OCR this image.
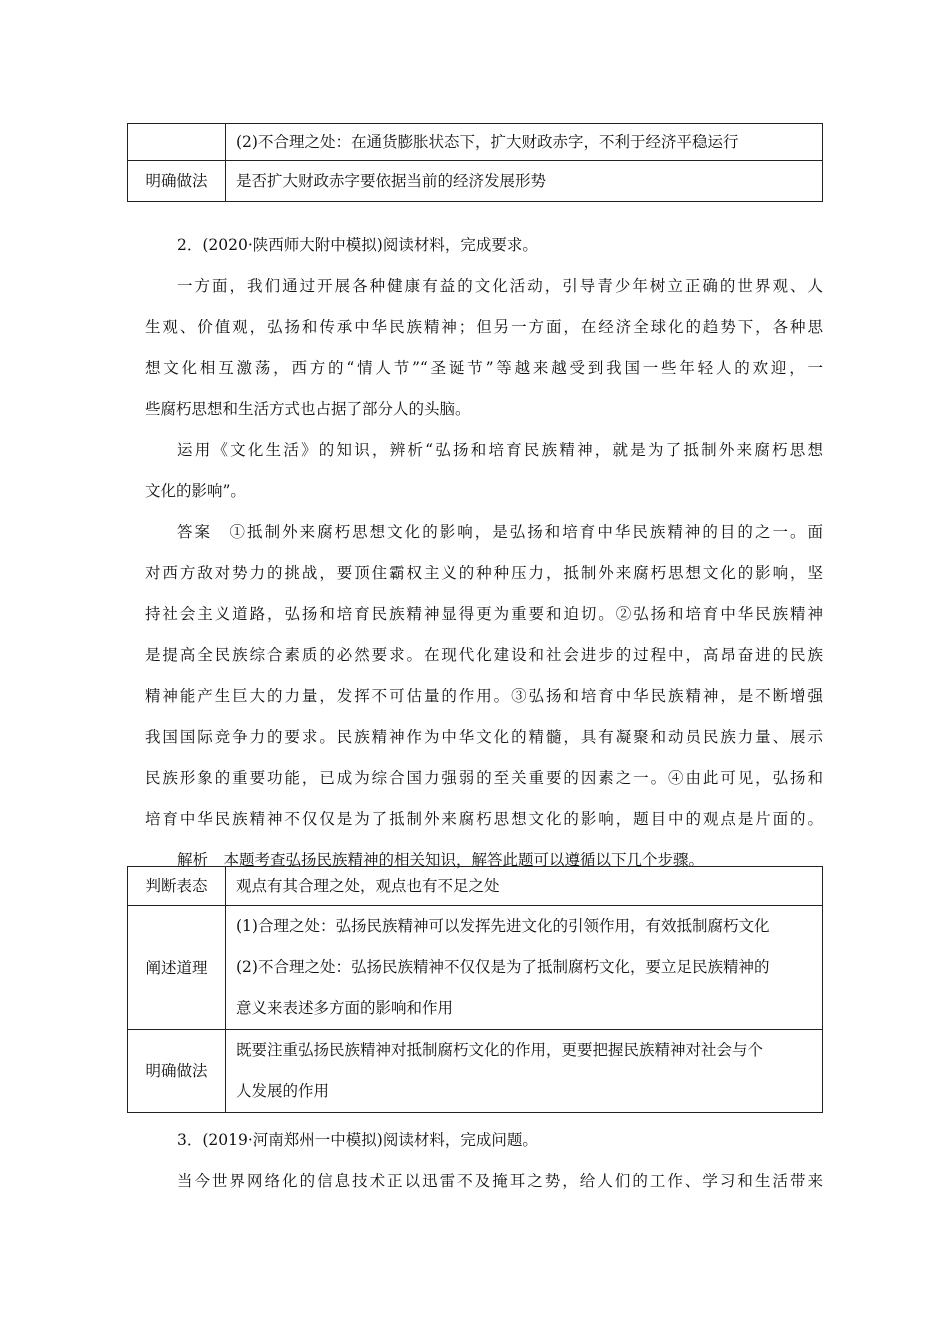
	(2)不合理之处：在通货膨胀状态下，扩大财政赤字，不利于经济平稳运行
明确做法	是否扩大财政赤字要依据当前的经济发展形势
2．(2020·陕西师大附中模拟)阅读材料，完成要求。
一方面，我们通过开展各种健康有益的文化活动，引导青少年树立正确的世界观、人
生观、价值观，弘扬和传承中华民族精神；但另一方面，在经济全球化的趋势下，各种思
想文化相互激荡，西方的“情人节”“圣诞节”等越来越受到我国一些年轻人的欢迎，一
些腐朽思想和生活方式也占据了部分人的头脑。
运用《文化生活》的知识，辨析“弘扬和培育民族精神，就是为了抵制外来腐朽思想
文化的影响”。
答案　①抵制外来腐朽思想文化的影响，是弘扬和培育中华民族精神的目的之一。面
对西方敌对势力的挑战，要顶住霸权主义的种种压力，抵制外来腐朽思想文化的影响，坚
持社会主义道路，弘扬和培育民族精神显得更为重要和迫切。②弘扬和培育中华民族精神
是提高全民族综合素质的必然要求。在现代化建设和社会进步的过程中，高昂奋进的民族
精神能产生巨大的力量，发挥不可估量的作用。③弘扬和培育中华民族精神，是不断增强
我国国际竞争力的要求。民族精神作为中华文化的精髓，具有凝聚和动员民族力量、展示
民族形象的重要功能，已成为综合国力强弱的至关重要的因素之一。④由此可见，弘扬和
培育中华民族精神不仅仅是为了抵制外来腐朽思想文化的影响，题目中的观点是片面的。
解析　本题考查弘扬民族精神的相关知识，解答此题可以遵循以下几个步骤。
判断表态	观点有其合理之处，观点也有不足之处

阐述道理	(1)合理之处：弘扬民族精神可以发挥先进文化的引领作用，有效抵制腐朽文化
(2)不合理之处：弘扬民族精神不仅仅是为了抵制腐朽文化，要立足民族精神的
意义来表述多方面的影响和作用

明确做法	既要注重弘扬民族精神对抵制腐朽文化的作用，更要把握民族精神对社会与个
人发展的作用
3．(2019·河南郑州一中模拟)阅读材料，完成问题。
当今世界网络化的信息技术正以迅雷不及掩耳之势，给人们的工作、学习和生活带来
